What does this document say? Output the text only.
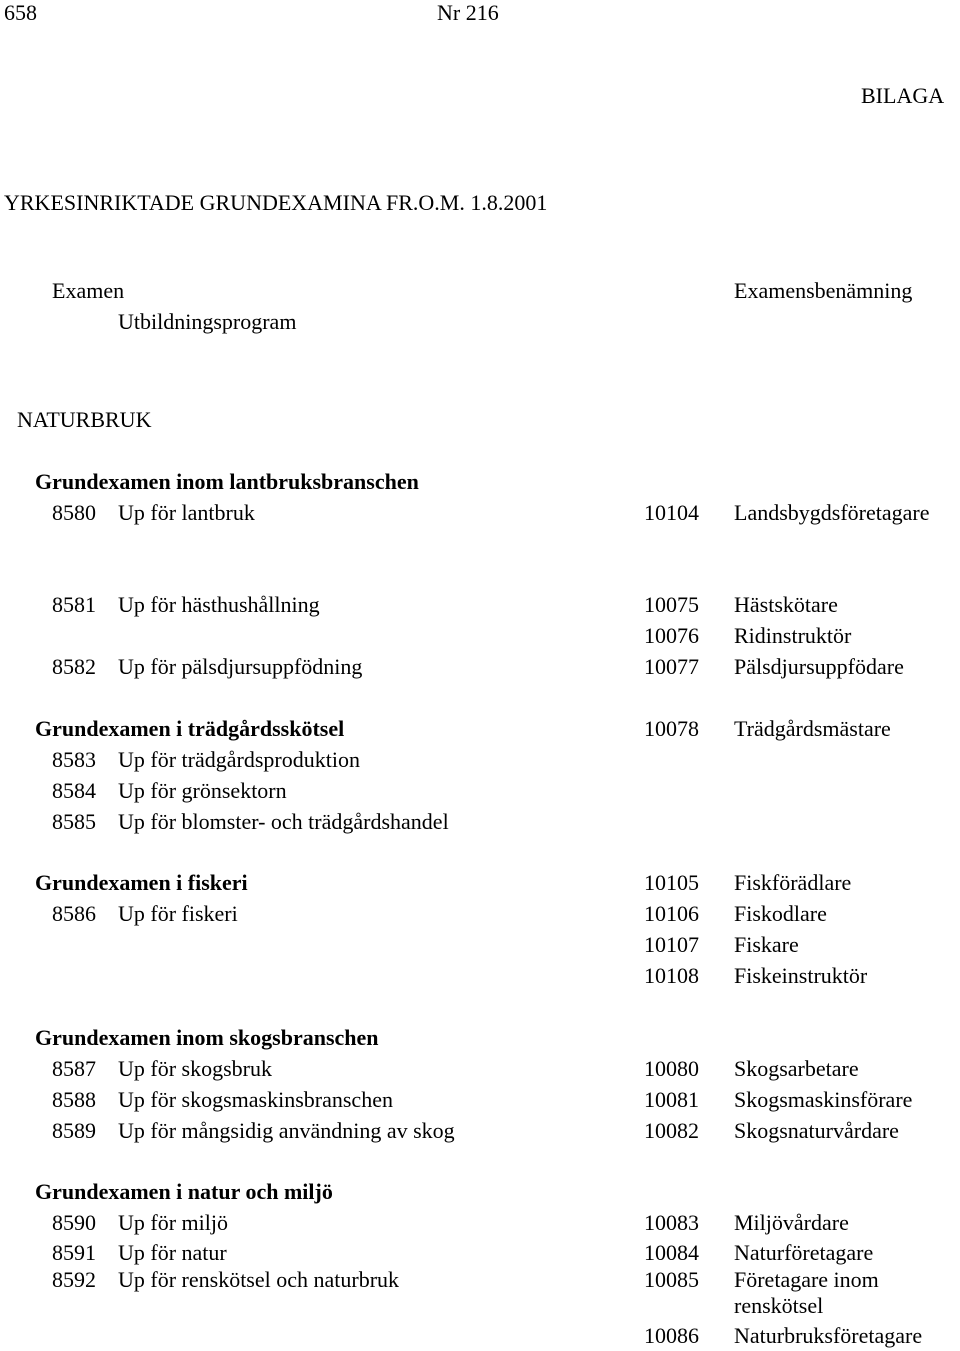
658	Nr 216
BILAGA
YRKESINRIKTADE GRUNDEXAMINA FR.O.M. 1.8.2001
Examen
Utbildningsprogram
Examensbenämning
NATURBRUK
Grundexamen inom lantbruksbranschen
8580 Up för lantbruk	10104 Landsbygdsföretagare
8581 Up för hästhushållning	10075 Hästskötare
10076 Ridinstruktör
8582 Up för pälsdjursuppfödning	10077 Pälsdjursuppfödare
Grundexamen i trädgårdsskötsel	10078 Trädgårdsmästare
8583 Up för trädgårdsproduktion
8584 Up för grönsektorn
8585 Up för blomster- och trädgårdshandel
Grundexamen i fiskeri	10105 Fiskförädlare
8586 Up för fiskeri	10106 Fiskodlare
10107 Fiskare
10108 Fiskeinstruktör
Grundexamen inom skogsbranschen
8587 Up för skogsbruk	10080 Skogsarbetare
8588 Up för skogsmaskinsbranschen	10081 Skogsmaskinsförare
8589 Up för mångsidig användning av skog	10082 Skogsnaturvårdare
Grundexamen i natur och miljö
8590 Up för miljö	10083 Miljövårdare
8591 Up för natur	10084 Naturföretagare
8592 Up för renskötsel och naturbruk	10085 Företagare inom
renskötsel
10086 Naturbruksföretagare
